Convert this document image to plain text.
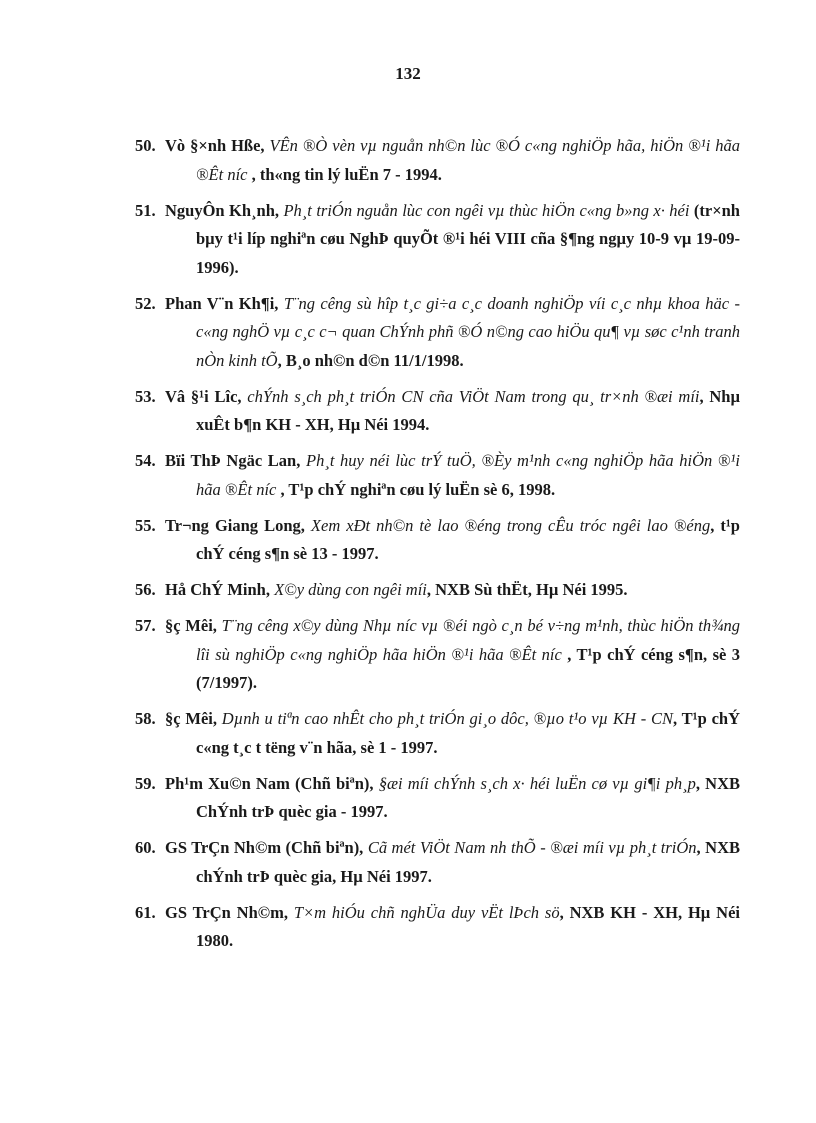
132
50. Vò §×nh Hße, VÊn ®Ò vèn vµ nguån nh©n lùc ®Ó c«ng nghiÖp hãa, hiÖn ®¹i hãa ®Êt níc , th«ng tin lý luËn 7 - 1994.
51. NguyÔn Kh¸nh, Ph¸t triÓn nguån lùc con ngêi vµ thùc hiÖn c«ng b»ng x· héi (tr×nh bµy t¹i líp nghiªn cøu NghÞ quyÕt ®¹i héi VIII cña §¶ng ngµy 10-9 vµ 19-09-1996).
52. Phan V¨n Kh¶i, T¨ng cêng sù hîp t¸c gi÷a c¸c doanh nghiÖp víi c¸c nhµ khoa häc - c«ng nghÖ vµ c¸c c¬ quan ChÝnh phñ ®Ó n©ng cao hiÖu qu¶ vµ søc c¹nh tranh nÒn kinh tÕ, B¸o nh©n d©n 11/1/1998.
53. Vâ §¹i Lîc, chÝnh s¸ch ph¸t triÓn CN cña ViÖt Nam trong qu¸ tr×nh ®æi míi, Nhµ xuÊt b¶n KH - XH, Hµ Néi 1994.
54. Bïi ThÞ Ngäc Lan, Ph¸t huy néi lùc trÝ tuÖ, ®Èy m¹nh c«ng nghiÖp hãa hiÖn ®¹i hãa ®Êt níc , T¹p chÝ nghiªn cøu lý luËn sè 6, 1998.
55. Tr¬ng Giang Long, Xem xÐt nh©n tè lao ®éng trong cÊu tróc ngêi lao ®éng, t¹p chÝ céng s¶n sè 13 - 1997.
56. Hå ChÝ Minh, X©y dùng con ngêi míi, NXB Sù thËt, Hµ Néi 1995.
57. §ç Mêi, T¨ng cêng x©y dùng Nhµ níc vµ ®éi ngò c¸n bé v÷ng m¹nh, thùc hiÖn th¾ng lîi sù nghiÖp c«ng nghiÖp hãa hiÖn ®¹i hãa ®Êt níc , T¹p chÝ céng s¶n, sè 3 (7/1997).
58. §ç Mêi, Dµnh u tiªn cao nhÊt cho ph¸t triÓn gi¸o dôc, ®µo t¹o vµ KH - CN, T¹p chÝ c«ng t¸c t tëng v¨n hãa, sè 1 - 1997.
59. Ph¹m Xu©n Nam (Chñ biªn), §æi míi chÝnh s¸ch x· héi luËn cø vµ gi¶i ph¸p, NXB ChÝnh trÞ quèc gia - 1997.
60. GS TrÇn Nh©m (Chñ biªn), Cã mét ViÖt Nam nh thÕ - ®æi míi vµ ph¸t triÓn, NXB chÝnh trÞ quèc gia, Hµ Néi 1997.
61. GS TrÇn Nh©m, T×m hiÓu chñ nghÜa duy vËt lÞch sö, NXB KH - XH, Hµ Néi 1980.
